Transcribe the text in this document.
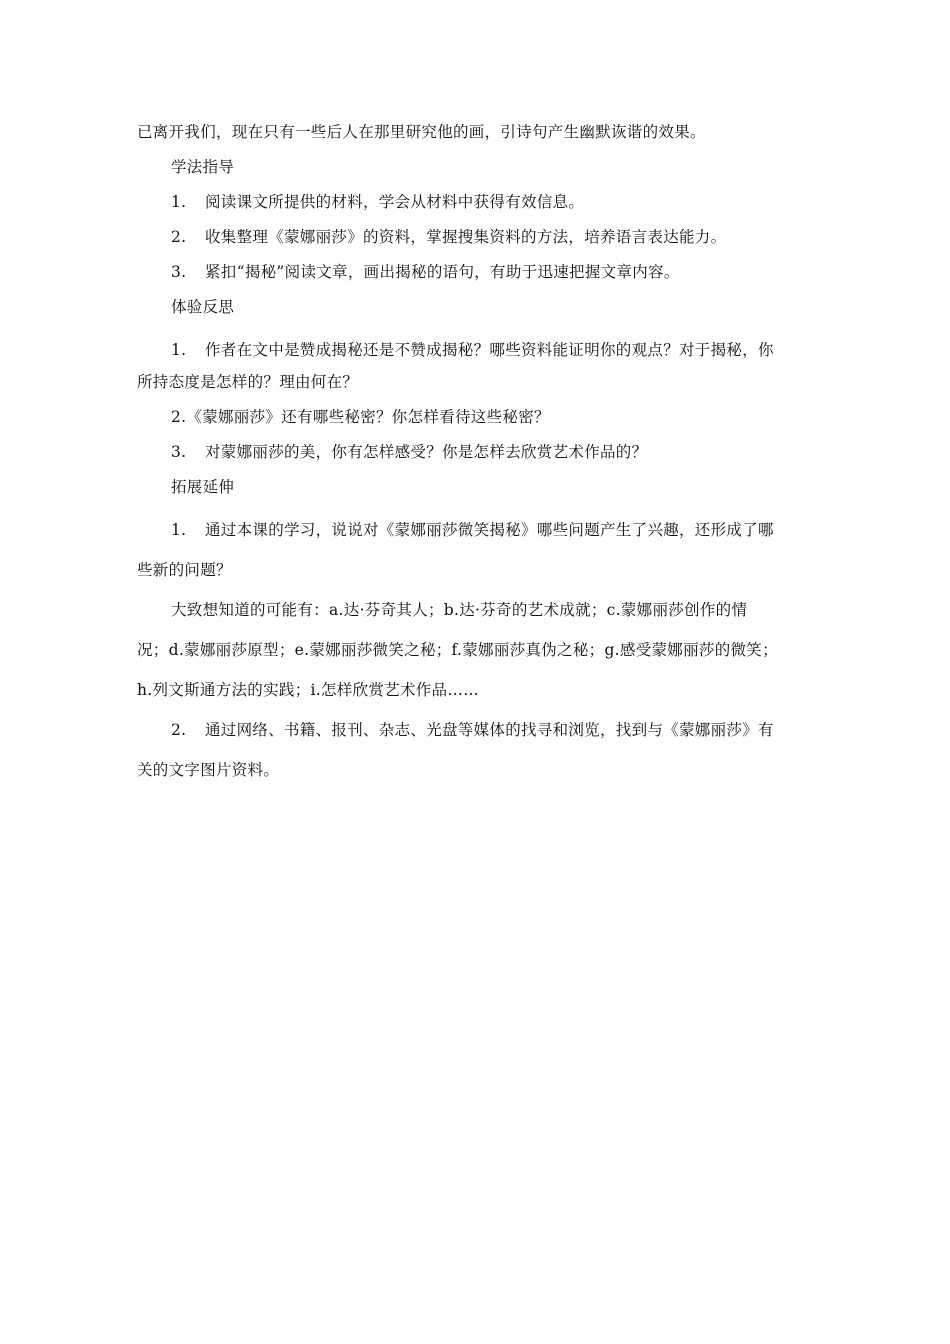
已离开我们，现在只有一些后人在那里研究他的画，引诗句产生幽默诙谐的效果。

学法指导

1. 阅读课文所提供的材料，学会从材料中获得有效信息。

2. 收集整理《蒙娜丽莎》的资料，掌握搜集资料的方法，培养语言表达能力。

3. 紧扣“揭秘”阅读文章，画出揭秘的语句，有助于迅速把握文章内容。

体验反思

1. 作者在文中是赞成揭秘还是不赞成揭秘？哪些资料能证明你的观点？对于揭秘，你

所持态度是怎样的？理由何在？

2.《蒙娜丽莎》还有哪些秘密？你怎样看待这些秘密？

3. 对蒙娜丽莎的美，你有怎样感受？你是怎样去欣赏艺术作品的？

拓展延伸

1. 通过本课的学习，说说对《蒙娜丽莎微笑揭秘》哪些问题产生了兴趣，还形成了哪

些新的问题？

大致想知道的可能有：a.达·芬奇其人；b.达·芬奇的艺术成就；c.蒙娜丽莎创作的情

况；d.蒙娜丽莎原型；e.蒙娜丽莎微笑之秘；f.蒙娜丽莎真伪之秘；g.感受蒙娜丽莎的微笑；

h.列文斯通方法的实践；i.怎样欣赏艺术作品……

2. 通过网络、书籍、报刊、杂志、光盘等媒体的找寻和浏览，找到与《蒙娜丽莎》有

关的文字图片资料。
